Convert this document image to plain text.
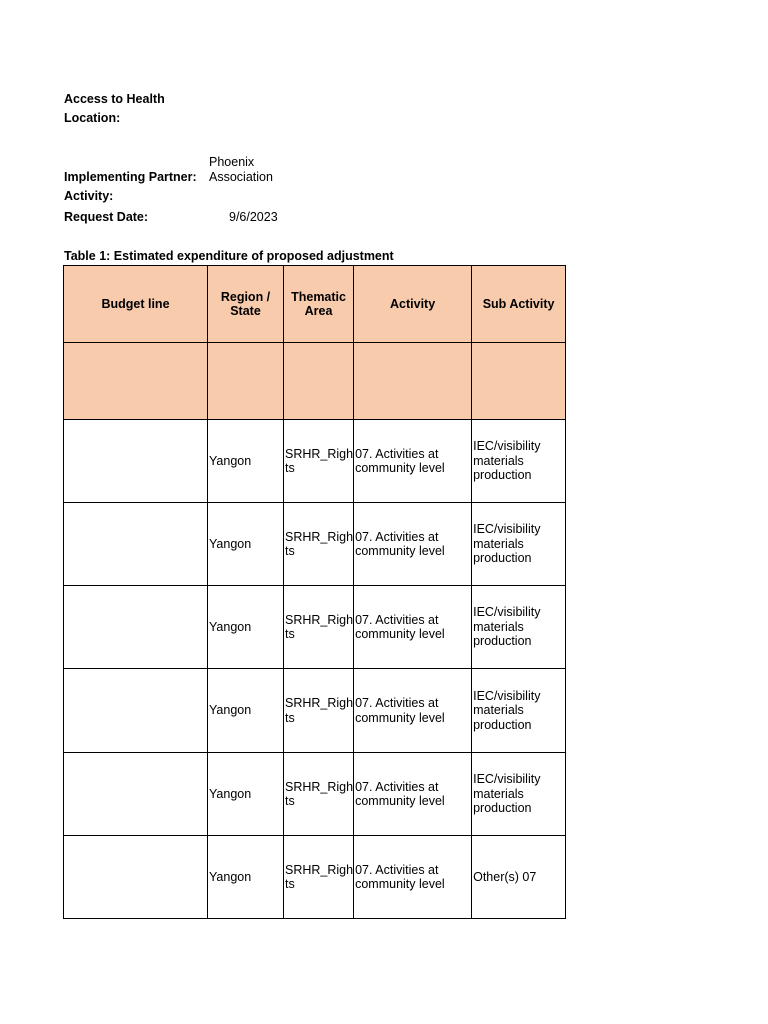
Access to Health
Location:
Phoenix
Implementing Partner: Association
Activity:
Request Date:	9/6/2023
Table 1: Estimated expenditure of proposed adjustment
Budget line	Region / State	Thematic Area	Activity	Sub Activity

	Yangon	SRHR_Righ ts	07. Activities at community level	IEC/visibility materials production
	Yangon	SRHR_Righ ts	07. Activities at community level	IEC/visibility materials production
	Yangon	SRHR_Righ ts	07. Activities at community level	IEC/visibility materials production
	Yangon	SRHR_Righ ts	07. Activities at community level	IEC/visibility materials production
	Yangon	SRHR_Righ ts	07. Activities at community level	IEC/visibility materials production
	Yangon	SRHR_Righ ts	07. Activities at community level	Other(s) 07
